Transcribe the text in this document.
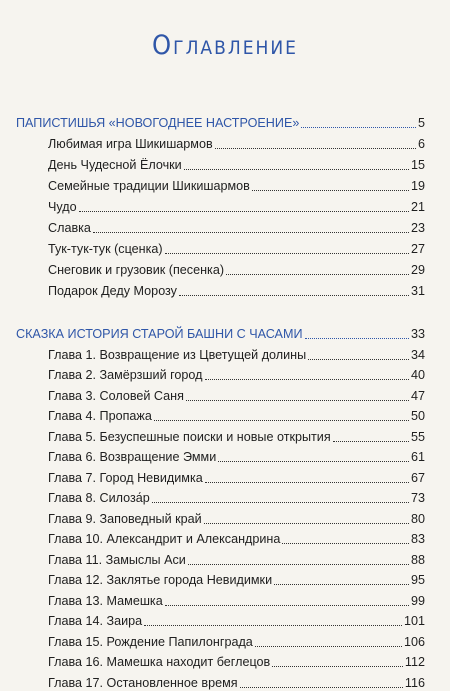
Оглавление
ПАПИСТИШЬЯ «НОВОГОДНЕЕ НАСТРОЕНИЕ»	5
Любимая игра Шикишармов	6
День Чудесной Ёлочки	15
Семейные традиции Шикишармов	19
Чудо	21
Славка	23
Тук-тук-тук (сценка)	27
Снеговик и грузовик (песенка)	29
Подарок Деду Морозу	31
СКАЗКА ИСТОРИЯ СТАРОЙ БАШНИ С ЧАСАМИ	33
Глава 1. Возвращение из Цветущей долины	34
Глава 2. Замёрзший город	40
Глава 3. Соловей Саня	47
Глава 4. Пропажа	50
Глава 5. Безуспешные поиски и новые открытия	55
Глава 6. Возвращение Эмми	61
Глава 7. Город Невидимка	67
Глава 8. Силоза́р	73
Глава 9. Заповедный край	80
Глава 10. Александрит и Александрина	83
Глава 11. Замыслы Аси	88
Глава 12. Заклятье города Невидимки	95
Глава 13. Мамешка	99
Глава 14. Заира	101
Глава 15. Рождение Папилонграда	106
Глава 16. Мамешка находит беглецов	112
Глава 17. Остановленное время	116
